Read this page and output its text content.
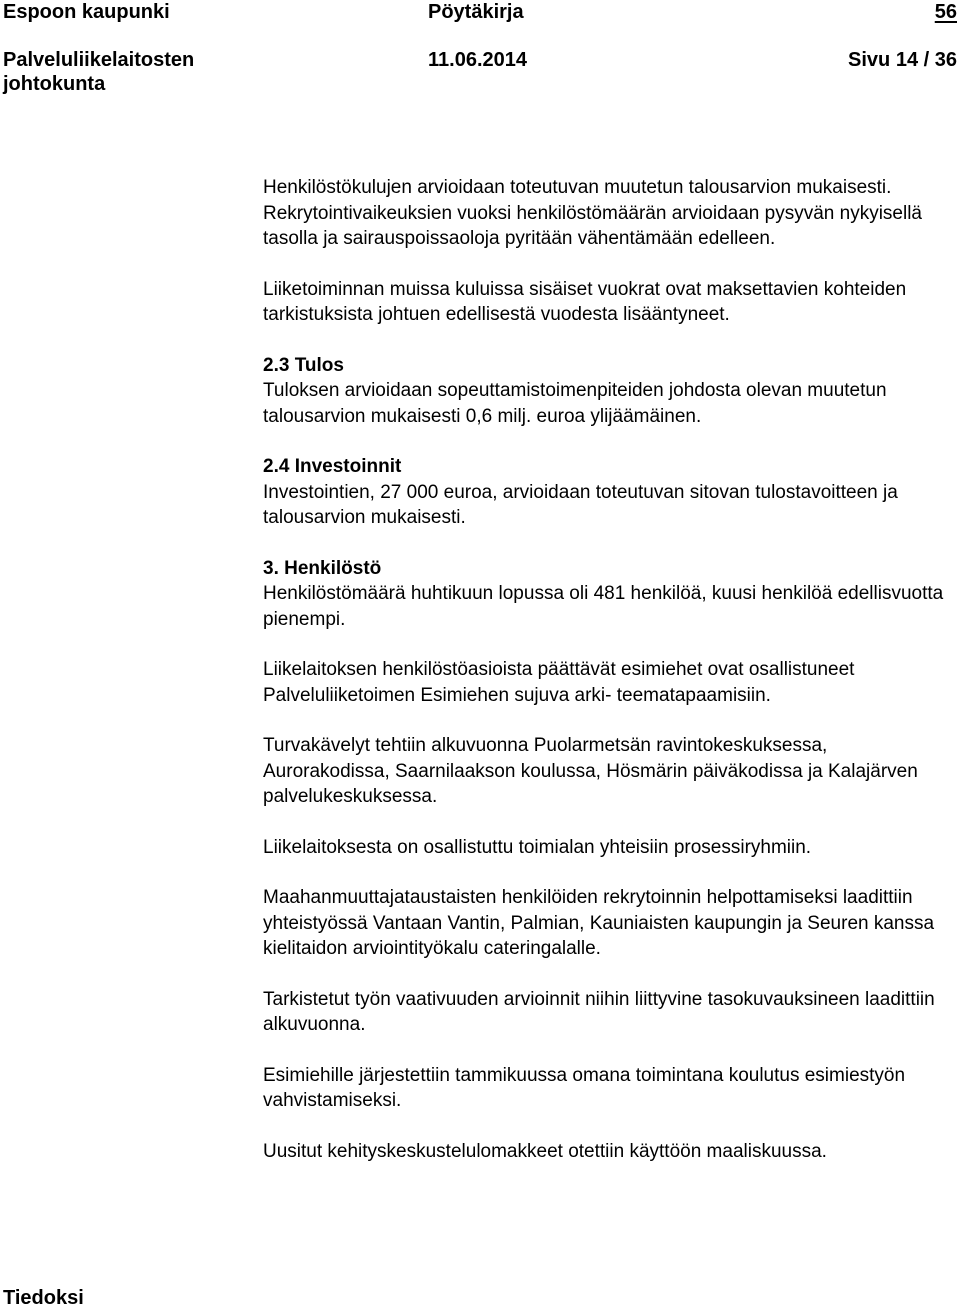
Espoon kaupunki	Pöytäkirja	56
Palveluliikelaitosten johtokunta
11.06.2014	Sivu 14 / 36

Henkilöstökulujen arvioidaan toteutuvan muutetun talousarvion mukaisesti. Rekrytointivaikeuksien vuoksi henkilöstömäärän arvioidaan pysyvän nykyisellä tasolla ja sairauspoissaoloja pyritään vähentämään edelleen.

Liiketoiminnan muissa kuluissa sisäiset vuokrat ovat maksettavien kohteiden tarkistuksista johtuen edellisestä vuodesta lisääntyneet.

2.3 Tulos
Tuloksen arvioidaan sopeuttamistoimenpiteiden johdosta olevan muutetun talousarvion mukaisesti 0,6 milj. euroa ylijäämäinen.

2.4 Investoinnit
Investointien, 27 000 euroa, arvioidaan toteutuvan sitovan tulostavoitteen ja talousarvion mukaisesti.

3. Henkilöstö
Henkilöstömäärä huhtikuun lopussa oli 481 henkilöä, kuusi henkilöä edellisvuotta pienempi.

Liikelaitoksen henkilöstöasioista päättävät esimiehet ovat osallistuneet Palveluliiketoimen Esimiehen sujuva arki- teematapaamisiin.

Turvakävelyt tehtiin alkuvuonna Puolarmetsän ravintokeskuksessa, Aurorakodissa, Saarnilaakson koulussa, Hösmärin päiväkodissa ja Kalajärven palvelukeskuksessa.

Liikelaitoksesta on osallistuttu toimialan yhteisiin prosessiryhmiin.

Maahanmuuttajataustaisten henkilöiden rekrytoinnin helpottamiseksi laadittiin yhteistyössä Vantaan Vantin, Palmian, Kauniaisten kaupungin ja Seuren kanssa kielitaidon arviointityökalu cateringalalle.

Tarkistetut työn vaativuuden arvioinnit niihin liittyvine tasokuvauksineen laadittiin alkuvuonna.

Esimiehille järjestettiin tammikuussa omana toimintana koulutus esimiestyön vahvistamiseksi.

Uusitut kehityskeskustelulomakkeet otettiin käyttöön maaliskuussa.

Tiedoksi
